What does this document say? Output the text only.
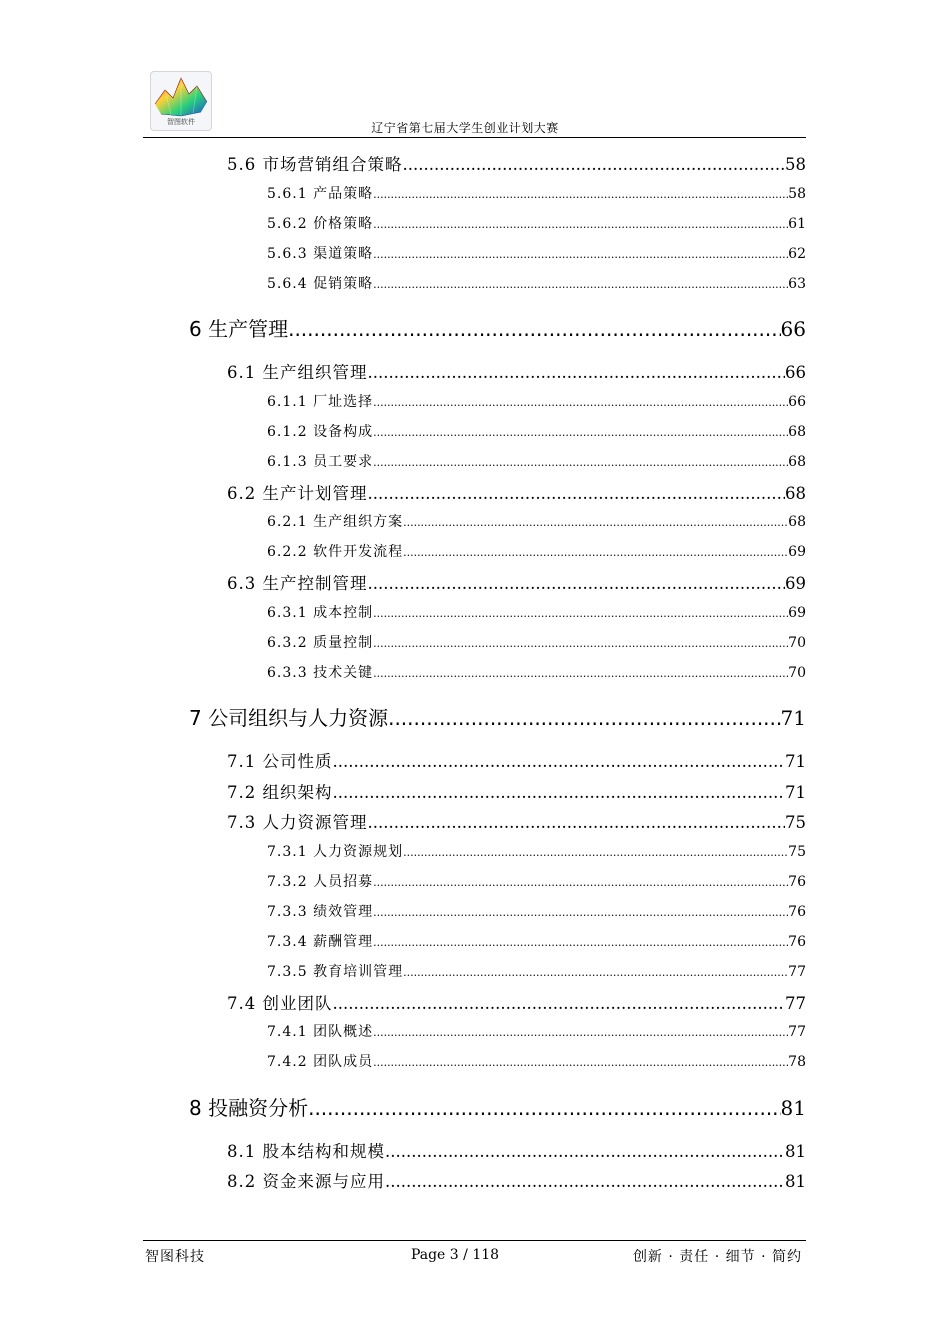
智图软件	辽宁省第七届大学生创业计划大赛
5.6 市场营销组合策略 .....	58
5.6.1 产品策略 .....	58
5.6.2 价格策略 .....	61
5.6.3 渠道策略 .....	62
5.6.4 促销策略 .....	63
6 生产管理 .....	66
6.1 生产组织管理 .....	66
6.1.1 厂址选择 .....	66
6.1.2 设备构成 .....	68
6.1.3 员工要求 .....	68
6.2 生产计划管理 .....	68
6.2.1 生产组织方案 .....	68
6.2.2 软件开发流程 .....	69
6.3 生产控制管理 .....	69
6.3.1 成本控制 .....	69
6.3.2 质量控制 .....	70
6.3.3 技术关键 .....	70
7 公司组织与人力资源 .....	71
7.1 公司性质 .....	71
7.2 组织架构 .....	71
7.3 人力资源管理 .....	75
7.3.1 人力资源规划 .....	75
7.3.2 人员招募 .....	76
7.3.3 绩效管理 .....	76
7.3.4 薪酬管理 .....	76
7.3.5 教育培训管理 .....	77
7.4 创业团队 .....	77
7.4.1 团队概述 .....	77
7.4.2 团队成员 .....	78
8 投融资分析 .....	81
8.1 股本结构和规模 .....	81
8.2 资金来源与应用 .....	81
智图科技	Page 3 / 118	创新 · 责任 · 细节 · 简约
